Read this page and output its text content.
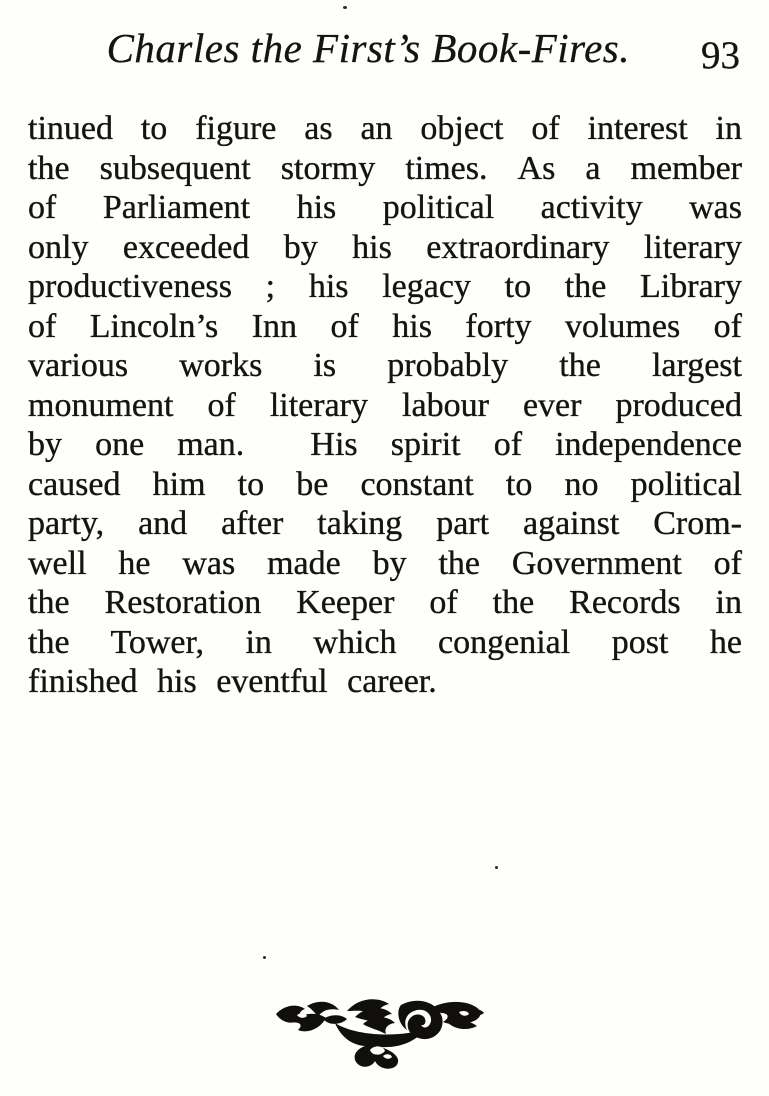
Charles the First’s Book-Fires. 93
tinued to figure as an object of interest in
the subsequent stormy times. As a member
of Parliament his political activity was
only exceeded by his extraordinary literary
productiveness ; his legacy to the Library
of Lincoln’s Inn of his forty volumes of
various works is probably the largest
monument of literary labour ever produced
by one man.  His spirit of independence
caused him to be constant to no political
party, and after taking part against Crom-
well he was made by the Government of
the Restoration Keeper of the Records in
the Tower, in which congenial post he
finished his eventful career.
